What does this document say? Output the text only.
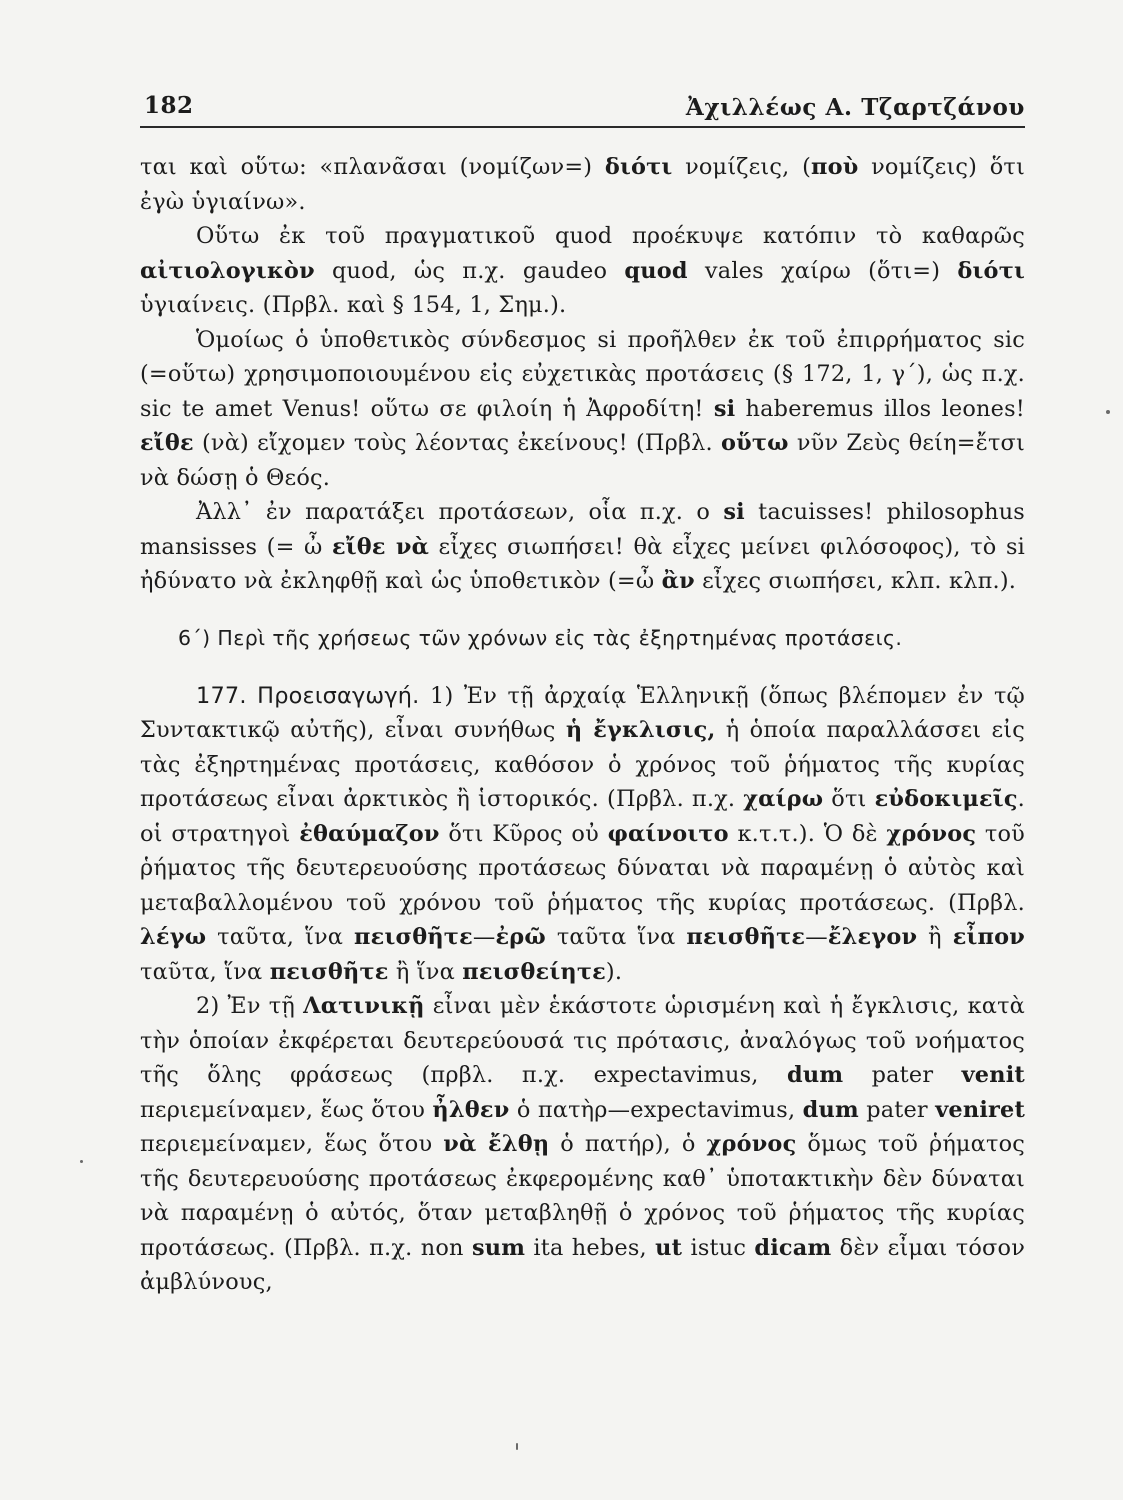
182	Ἀχιλλέως Α. Τζαρτζάνου

ται καὶ οὕτω: «πλανᾶσαι (νομίζων=) διότι νομίζεις, (ποὺ νομίζεις) ὅτι ἐγὼ ὑγιαίνω».

Οὕτω ἐκ τοῦ πραγματικοῦ quod προέκυψε κατόπιν τὸ καθαρῶς αἰτιολογικὸν quod, ὡς π.χ. gaudeo quod vales χαίρω (ὅτι=) διότι ὑγιαίνεις. (Πρβλ. καὶ § 154, 1, Σημ.).

Ὁμοίως ὁ ὑποθετικὸς σύνδεσμος si προῆλθεν ἐκ τοῦ ἐπιρρήματος sic (=οὕτω) χρησιμοποιουμένου εἰς εὐχετικὰς προτάσεις (§ 172, 1, γ΄), ὡς π.χ. sic te amet Venus! οὕτω σε φιλοίη ἡ Ἀφροδίτη! si haberemus illos leones! εἴθε (νὰ) εἴχομεν τοὺς λέοντας ἐκείνους! (Πρβλ. οὕτω νῦν Ζεὺς θείη=ἔτσι νὰ δώσῃ ὁ Θεός.

Ἀλλ᾽ ἐν παρατάξει προτάσεων, οἷα π.χ. o si tacuisses! philosophus mansisses (= ὦ εἴθε νὰ εἶχες σιωπήσει! θὰ εἶχες μείνει φιλόσοφος), τὸ si ἠδύνατο νὰ ἐκληφθῇ καὶ ὡς ὑποθετικὸν (=ὦ ἂν εἶχες σιωπήσει, κλπ. κλπ.).

6΄) Περὶ τῆς χρήσεως τῶν χρόνων εἰς τὰς ἐξηρτημένας προτάσεις.

177. Προεισαγωγή. 1) Ἐν τῇ ἀρχαίᾳ Ἑλληνικῇ (ὅπως βλέπομεν ἐν τῷ Συντακτικῷ αὐτῆς), εἶναι συνήθως ἡ ἔγκλισις, ἡ ὁποία παραλλάσσει εἰς τὰς ἐξηρτημένας προτάσεις, καθόσον ὁ χρόνος τοῦ ῥήματος τῆς κυρίας προτάσεως εἶναι ἀρκτικὸς ἢ ἱστορικός. (Πρβλ. π.χ. χαίρω ὅτι εὐδοκιμεῖς. οἱ στρατηγοὶ ἐθαύμαζον ὅτι Κῦρος οὐ φαίνοιτο κ.τ.τ.). Ὁ δὲ χρόνος τοῦ ῥήματος τῆς δευτερευούσης προτάσεως δύναται νὰ παραμένῃ ὁ αὐτὸς καὶ μεταβαλλομένου τοῦ χρόνου τοῦ ῥήματος τῆς κυρίας προτάσεως. (Πρβλ. λέγω ταῦτα, ἵνα πεισθῆτε—ἐρῶ ταῦτα ἵνα πεισθῆτε—ἔλεγον ἢ εἶπον ταῦτα, ἵνα πεισθῆτε ἢ ἵνα πεισθείητε).

2) Ἐν τῇ Λατινικῇ εἶναι μὲν ἑκάστοτε ὡρισμένη καὶ ἡ ἔγκλισις, κατὰ τὴν ὁποίαν ἐκφέρεται δευτερεύουσά τις πρότασις, ἀναλόγως τοῦ νοήματος τῆς ὅλης φράσεως (πρβλ. π.χ. expectavimus, dum pater venit περιεμείναμεν, ἕως ὅτου ἦλθεν ὁ πατὴρ—expectavimus, dum pater veniret περιεμείναμεν, ἕως ὅτου νὰ ἔλθῃ ὁ πατήρ), ὁ χρόνος ὅμως τοῦ ῥήματος τῆς δευτερευούσης προτάσεως ἐκφερομένης καθ᾽ ὑποτακτικὴν δὲν δύναται νὰ παραμένῃ ὁ αὐτός, ὅταν μεταβληθῇ ὁ χρόνος τοῦ ῥήματος τῆς κυρίας προτάσεως. (Πρβλ. π.χ. non sum ita hebes, ut istuc dicam δὲν εἶμαι τόσον ἀμβλύνους,
